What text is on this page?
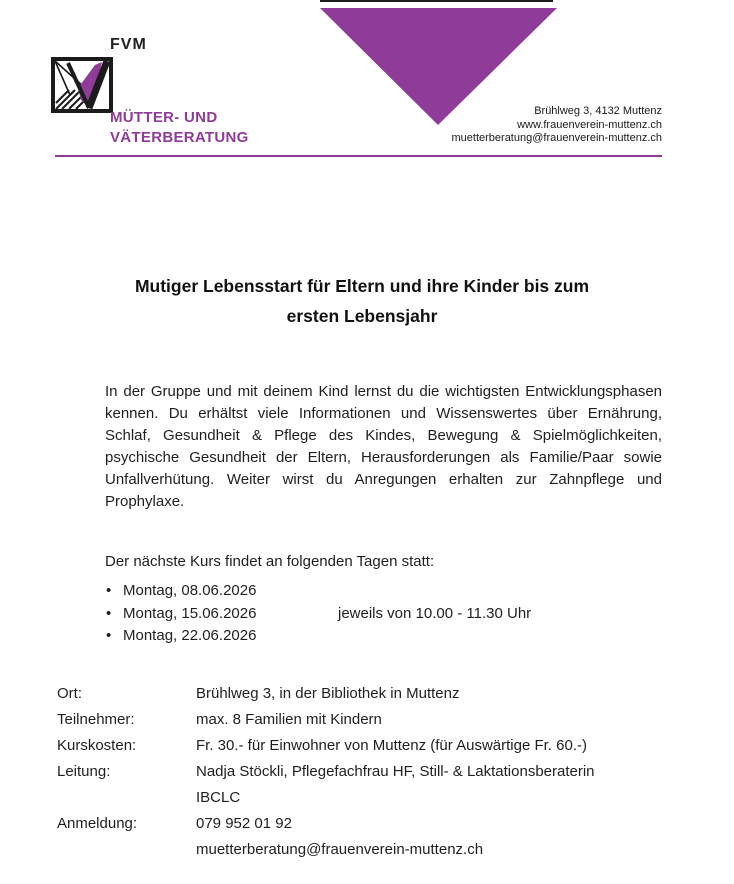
FVM
MÜTTER- UND
VÄTERBERATUNG
Brühlweg 3, 4132 Muttenz
www.frauenverein-muttenz.ch
muetterberatung@frauenverein-muttenz.ch
Mutiger Lebensstart für Eltern und ihre Kinder bis zum
ersten Lebensjahr
In der Gruppe und mit deinem Kind lernst du die wichtigsten Entwicklungsphasen kennen. Du erhältst viele Informationen und Wissenswertes über Ernährung, Schlaf, Gesundheit & Pflege des Kindes, Bewegung & Spielmöglichkeiten, psychische Gesundheit der Eltern, Herausforderungen als Familie/Paar sowie Unfallverhütung. Weiter wirst du Anregungen erhalten zur Zahnpflege und Prophylaxe.
Der nächste Kurs findet an folgenden Tagen statt:
• Montag, 08.06.2026
• Montag, 15.06.2026	jeweils von 10.00 - 11.30 Uhr
• Montag, 22.06.2026
Ort:	Brühlweg 3, in der Bibliothek in Muttenz
Teilnehmer:	max. 8 Familien mit Kindern
Kurskosten:	Fr. 30.- für Einwohner von Muttenz (für Auswärtige Fr. 60.-)
Leitung:	Nadja Stöckli, Pflegefachfrau HF, Still- & Laktationsberaterin
IBCLC
Anmeldung:	079 952 01 92
muetterberatung@frauenverein-muttenz.ch
